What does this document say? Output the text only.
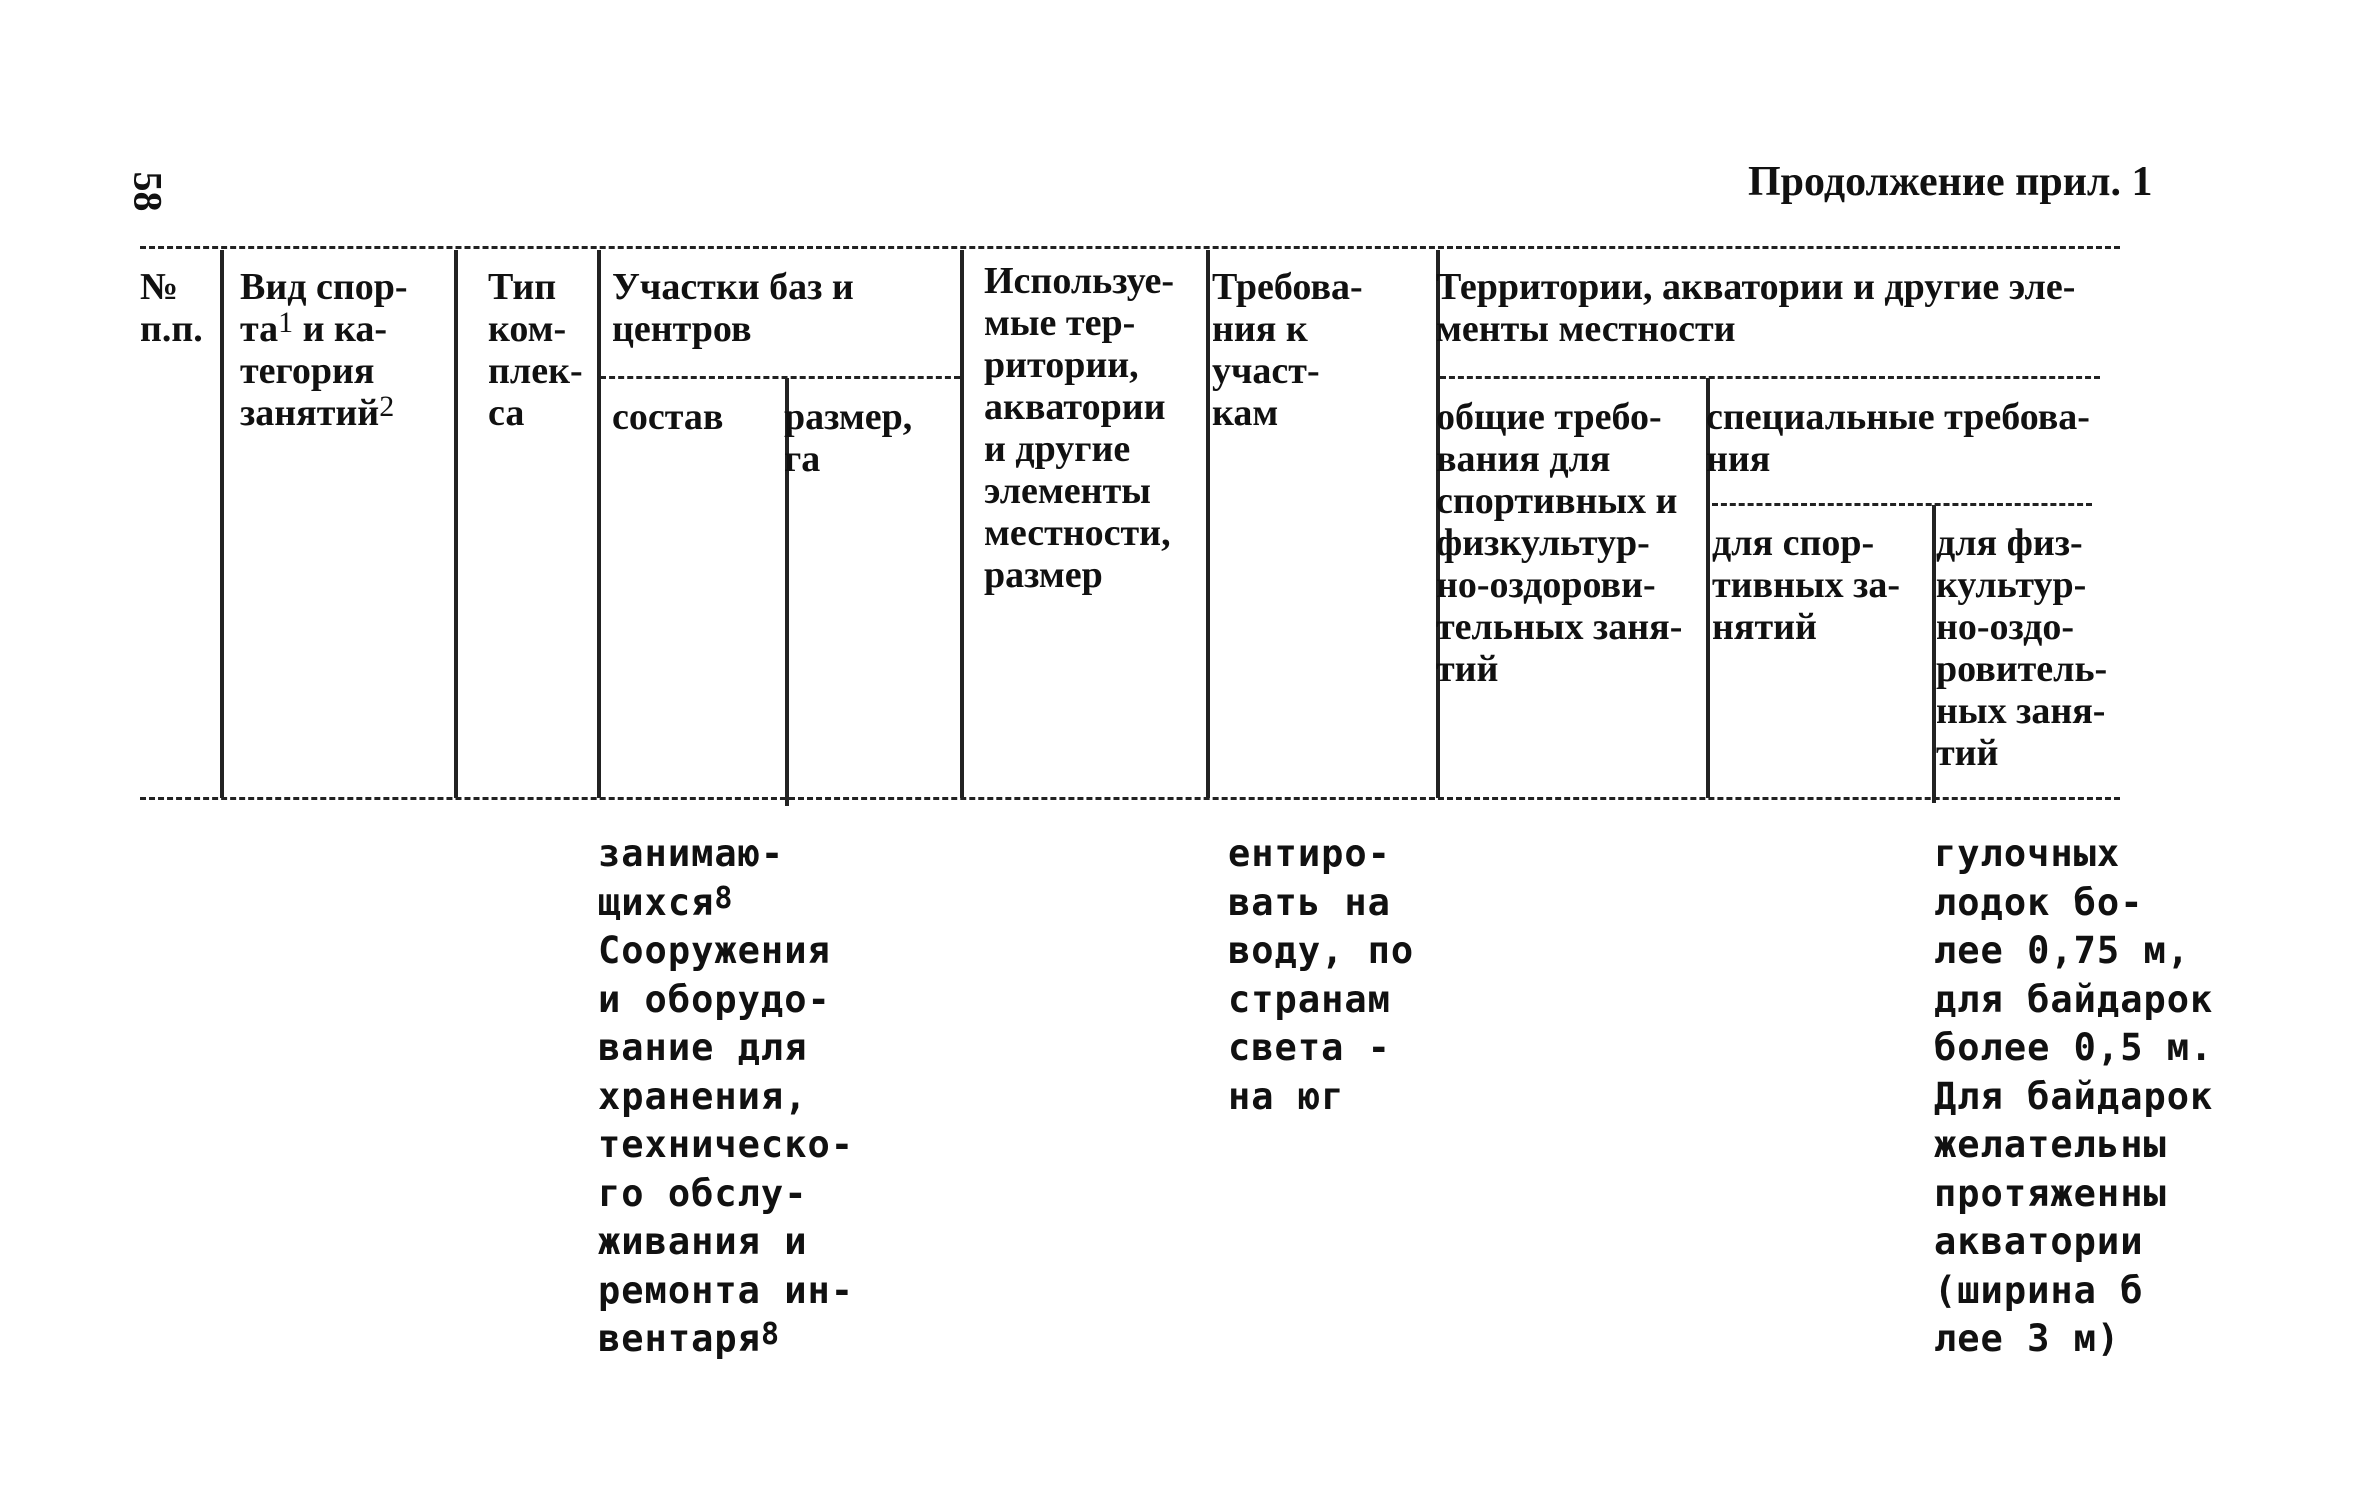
58	Продолжение прил. 1
№
п.п.
Вид спор-
$та^1$ и ка-
тегория
занятий$^2$
Тип
ком-
плек-
са
Участки баз и
центров
состав размер,
га
Используе-
мые тер-
ритории,
акватории
и другие
элементы
местности,
размер
Требова-
ния к
участ-
кам
Территории, акватории и другие эле-
менты местности
общие требо-
вания для
спортивных и
физкультур-
но-оздорови-
тельных заня-
тий
специальные требова-
ния
для спор-
тивных за-
нятий
для физ-
культур-
но-оздо-
ровитель-
ных заня-
тий
занимаю-
щихся$^8$
Сооружения
и оборудо-
вание для
хранения,
техническо-
го обслу-
живания и
ремонта ин-
вентаря$^8$
ентиро-
вать на
воду, по
странам
света -
на юг
гулочных
лодок бо-
лее 0,75 м,
для байдарок
более 0,5 м.
Для байдарок
желательны
протяженны
акватории
(ширина б
лее 3 м)
